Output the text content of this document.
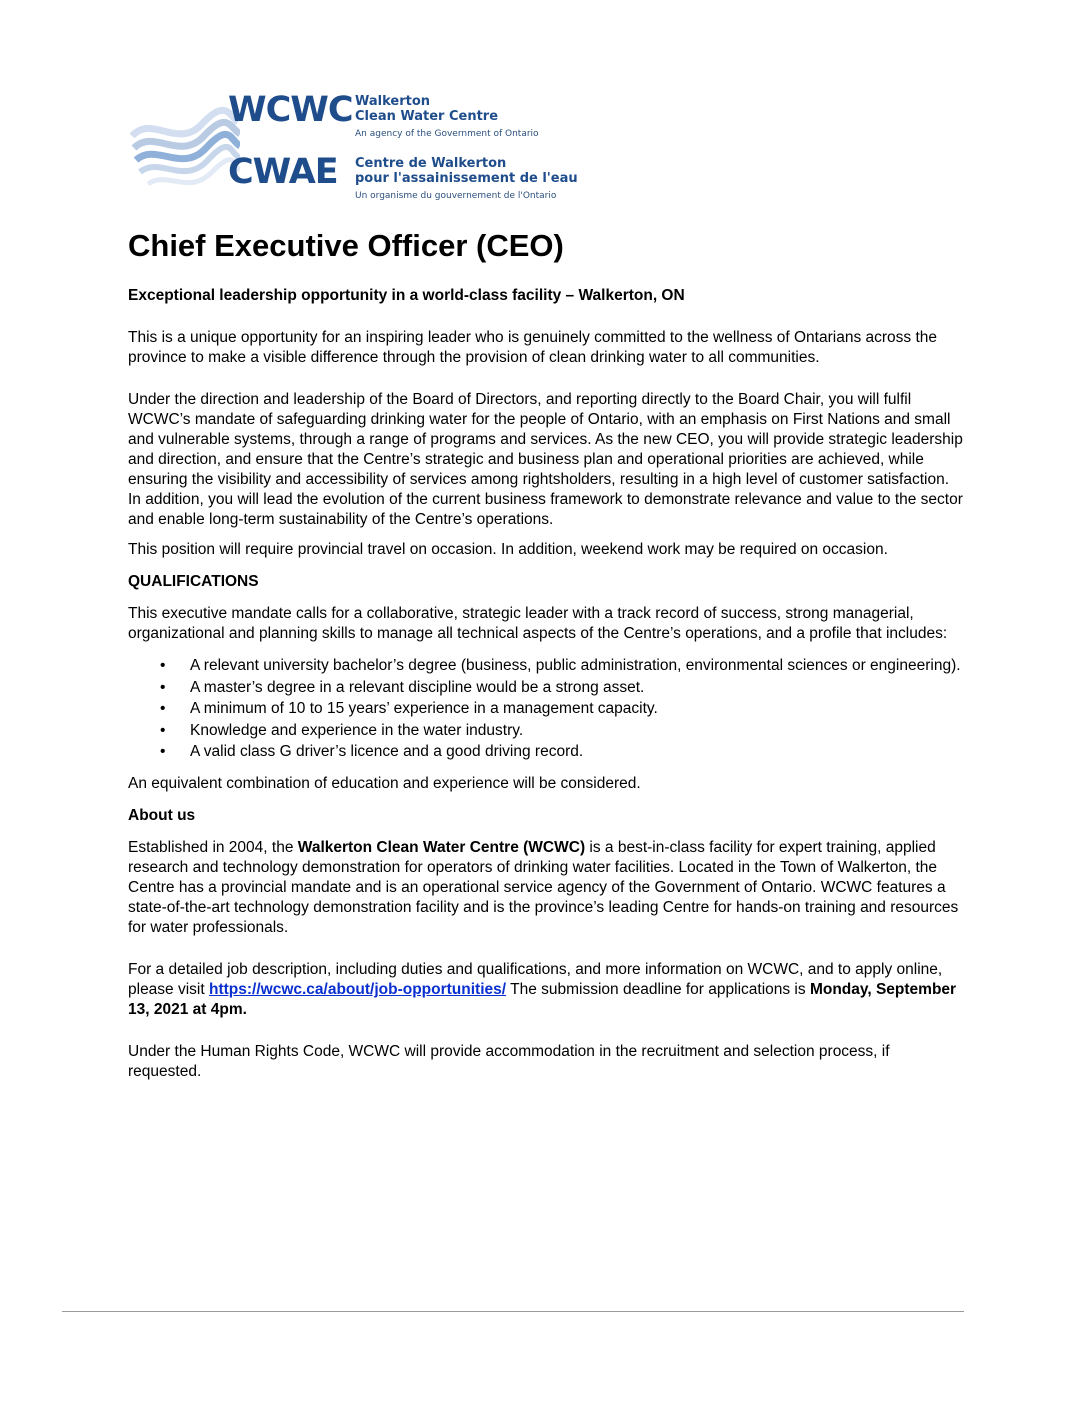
WCWC Walkerton
Clean Water Centre
An agency of the Government of Ontario
CWAE Centre de Walkerton
pour l'assainissement de l'eau
Un organisme du gouvernement de l'Ontario
Chief Executive Officer (CEO)

Exceptional leadership opportunity in a world-class facility – Walkerton, ON

This is a unique opportunity for an inspiring leader who is genuinely committed to the wellness of Ontarians across the province to make a visible difference through the provision of clean drinking water to all communities.

Under the direction and leadership of the Board of Directors, and reporting directly to the Board Chair, you will fulfil WCWC’s mandate of safeguarding drinking water for the people of Ontario, with an emphasis on First Nations and small and vulnerable systems, through a range of programs and services. As the new CEO, you will provide strategic leadership and direction, and ensure that the Centre’s strategic and business plan and operational priorities are achieved, while ensuring the visibility and accessibility of services among rightsholders, resulting in a high level of customer satisfaction. In addition, you will lead the evolution of the current business framework to demonstrate relevance and value to the sector and enable long-term sustainability of the Centre’s operations.

This position will require provincial travel on occasion. In addition, weekend work may be required on occasion.

QUALIFICATIONS

This executive mandate calls for a collaborative, strategic leader with a track record of success, strong managerial, organizational and planning skills to manage all technical aspects of the Centre’s operations, and a profile that includes:

• A relevant university bachelor’s degree (business, public administration, environmental sciences or engineering).
• A master’s degree in a relevant discipline would be a strong asset.
• A minimum of 10 to 15 years’ experience in a management capacity.
• Knowledge and experience in the water industry.
• A valid class G driver’s licence and a good driving record.

An equivalent combination of education and experience will be considered.

About us

Established in 2004, the Walkerton Clean Water Centre (WCWC) is a best-in-class facility for expert training, applied research and technology demonstration for operators of drinking water facilities. Located in the Town of Walkerton, the Centre has a provincial mandate and is an operational service agency of the Government of Ontario. WCWC features a state-of-the-art technology demonstration facility and is the province’s leading Centre for hands-on training and resources for water professionals.

For a detailed job description, including duties and qualifications, and more information on WCWC, and to apply online, please visit https://wcwc.ca/about/job-opportunities/ The submission deadline for applications is Monday, September 13, 2021 at 4pm.

Under the Human Rights Code, WCWC will provide accommodation in the recruitment and selection process, if requested.
